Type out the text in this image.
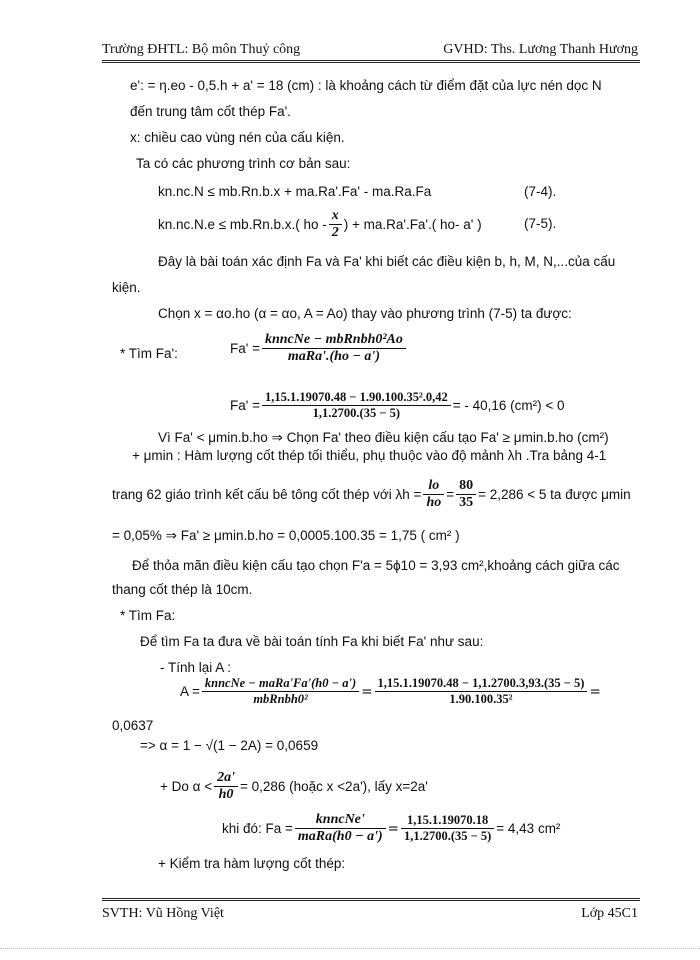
Trường ĐHTL: Bộ môn Thuỷ công	GVHD: Ths. Lương Thanh Hương
e': = η.eo - 0,5.h + a' = 18 (cm) : là khoảng cách từ điểm đặt của lực nén dọc N
đến trung tâm cốt thép Fa'.
x: chiều cao vùng nén của cấu kiện.
Ta có các phương trình cơ bản sau:
kn.nc.N ≤ mb.Rn.b.x + ma.Ra'.Fa' - ma.Ra.Fa	(7-4).
kn.nc.N.e ≤ mb.Rn.b.x.( ho - $\frac{x}{2}$ ) + ma.Ra'.Fa'.( ho- a' )	(7-5).
Đây là bài toán xác định Fa và Fa' khi biết các điều kiện b, h, M, N,...của cấu
kiện.
Chọn x = αo.ho (α = αo, A = Ao) thay vào phương trình (7-5) ta được:
* Tìm Fa':	$Fa' = \frac{\text{knncNe − mbRnbh0²Ao}}{\text{maRa'.(ho − a')}}$
$Fa' = \frac{\text{1,15.1.19070.48 − 1.90.100.35².0,42}}{1,1.2700.(35 - 5)}$ = - 40,16 (cm²) < 0
Vì Fa' < μmin.b.ho ⇒ Chọn Fa' theo điều kiện cấu tạo Fa' ≥ μmin.b.ho (cm²)
+ μmin : Hàm lượng cốt thép tối thiểu, phụ thuộc vào độ mảnh λh .Tra bảng 4-1
trang 62 giáo trình kết cấu bê tông cốt thép với $\lambda h = \frac{lo}{ho} = \frac{80}{35} = 2,286 < 5$ ta được μmin
= 0,05% ⇒ Fa' ≥ μmin.b.ho = 0,0005.100.35 = 1,75 ( cm² )
Để thỏa mãn điều kiện cấu tạo chọn F'a = 5ϕ10 = 3,93 cm²,khoảng cách giữa các
thang cốt thép là 10cm.
* Tìm Fa:
Để tìm Fa ta đưa về bài toán tính Fa khi biết Fa' như sau:
- Tính lại A :
$A = \frac{\text{knncNe − maRa'Fa'(h0 − a')}}{\text{mbRnbh0²}} = \frac{1,15.1.19070.48 - 1,1.2700.3,93.(35 - 5)}{\text{1.90.100.35²}}$ =
0,0637
=> α = 1 − √(1 − 2A) = 0,0659
+ Do $\alpha < \frac{2a'}{h0} = 0,286$ (hoặc x <2a'), lấy x=2a'
khi đó: $Fa = \frac{\text{knncNe'}}{\text{maRa(h0 − a')}} = \frac{1,15.1.19070.18}{1,1.2700.(35 - 5)} = 4,43$ cm²
+ Kiểm tra hàm lượng cốt thép:
SVTH: Vũ Hồng Việt	Lớp 45C1
